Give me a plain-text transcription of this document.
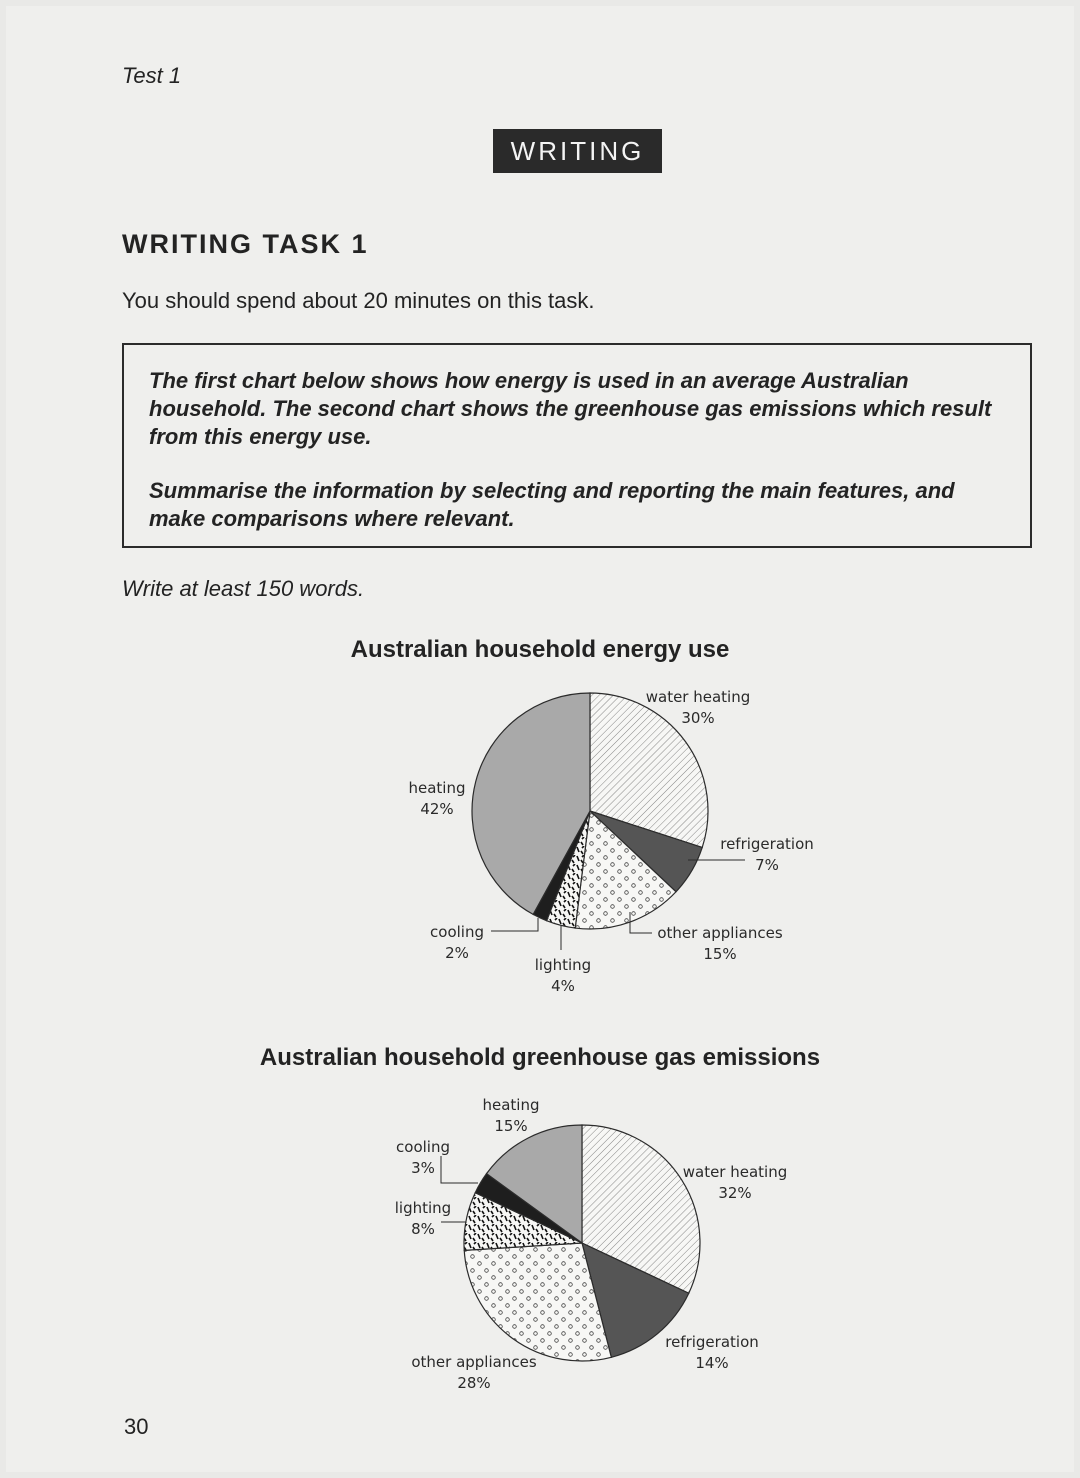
Test 1
WRITING
WRITING TASK 1
You should spend about 20 minutes on this task.
The first chart below shows how energy is used in an average Australian household. The second chart shows the greenhouse gas emissions which result from this energy use.
Summarise the information by selecting and reporting the main features, and make comparisons where relevant.
Write at least 150 words.
Australian household energy use
Australian household greenhouse gas emissions
water heating
30%
refrigeration
7%
other appliances
15%
lighting
4%
cooling
2%
heating
42%
water heating
32%
refrigeration
14%
other appliances
28%
lighting
8%
cooling
3%
heating
15%
30
